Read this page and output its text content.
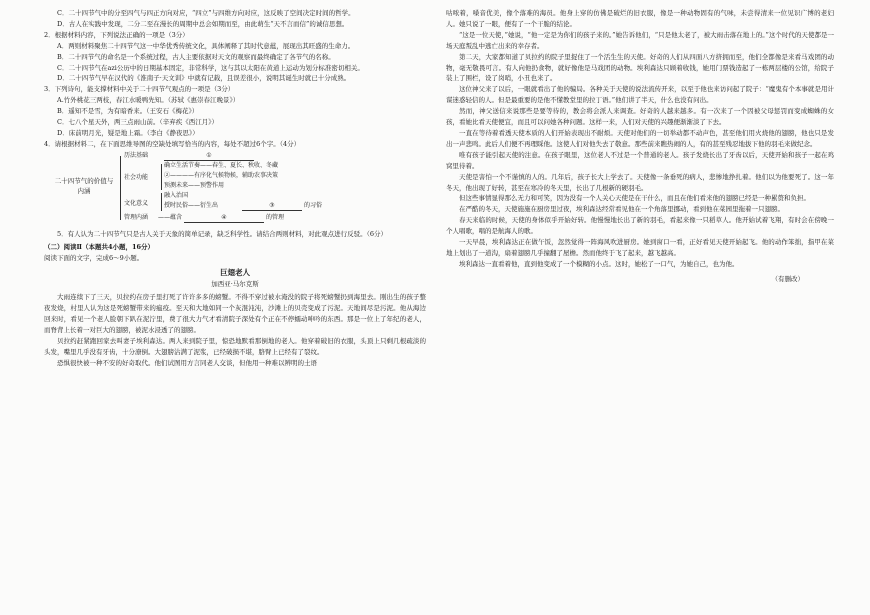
C．二十四节气中的分至四气与四正方向对应，“四立”与四维方向对应，这反映了空间决定时间的哲学。

D．古人在实践中发现，二分二至在漫长的周期中总会如期而至，由此萌生“天不言而信”的诚信思想。

2．根据材料内容，下列说法正确的一项是（3分）

A．两则材料聚焦二十四节气这一中华优秀传统文化，具体阐释了其时代意蕴，展现出其旺盛的生命力。

B．二十四节气的命名是一个系统过程，古人主要依据对天文的观察而最终确定了各节气的名称。

C．二十四节气在azi公历中的日期基本固定，非常科学，这与其以太阳在黄道上运动为划分标准密切相关。

D．二十四节气早在汉代的《淮南子·天文训》中就有记载，且误差很小，说明其诞生时就已十分成熟。

3．下列诗句，能支撑材料中关于二十四节气观点的一项是（3分）

A.竹外桃花三两枝，春江水暖鸭先知。（苏轼《惠崇春江晚景》）

B．遥知不是雪，为有暗香来。（王安石《梅花》）

C．七八个星天外，两三点雨山前。（辛弃疾《西江月》）

D．床前明月光，疑是地上霜。（李白《静夜思》）

4．请根据材料二，在下面思维导图的空缺处填写恰当的内容，每处不超过6个字。（4分）

二十四节气的价值与内涵
历法基础	①
社会功能
确立生活节奏——春生、夏长、秋收、冬藏
②————有序化气候物候，辅助农事决策
预测未来——预警作用
文化意义
融入治国
授时民俗——衍生出	③	的习俗
管理内涵 ——蕴含	④	的管理

5．有人认为二十四节气只是古人关于天象的简单记录，缺乏科学性。请结合两则材料，对此观点进行反驳。（6分）

（二）阅读Ⅱ（本题共4小题，16分）

阅读下面的文字，完成6～9小题。

巨翅老人

加西亚·马尔克斯

大雨连续下了三天，贝拉约在房子里打死了许许多多的螃蟹。不得不穿过被水淹没的院子将死螃蟹扔到海里去。刚出生的孩子整夜发烧，村里人认为这是死螃蟹带来的瘟疫。至天和大地如同一个灰混沌沌，沙滩上的贝壳变成了污泥。天地间尽是污泥。他从海边回来时，看见一个老人脸朝下趴在泥泞里，费了很大力气才看清院子深处有个正在不停蠕动呻吟的东西。那是一位上了年纪的老人，而脊背上长着一对巨大的翅膀，被泥水浸透了的翅膀。

贝拉约赶紧跑回家去叫妻子埃利森达。两人来到院子里，惊恐地默看那倒地的老人。他穿着破旧的衣服，头顶上只剩几根疏淡的头发，嘴里几乎没有牙齿，十分潦倒。大翅膀沾满了泥浆，已经破损不堪，胳臂上已经有了裂纹。

恐惧很快被一种不安的好奇取代。他们试图用方言同老人交谈，但他用一种难以辨明的土语

咕哝着，嗓音优美，像个落难的海员。他身上穿的仿佛是破烂的旧衣服，像是一种动物固有的气味，未尝得清来一位见识广博的老妇人。她只说了一眼，便有了一个干脆的结论。

“这是一位天使，”她说，“他一定是为你们的孩子来的。”她告诉他们，“只是他太老了，被大雨击落在地上的。”这个时代的天使都是一场天庭叛乱中逃亡出来的幸存者。

第二天，大家都知道了贝拉约的院子里捉住了一个活生生的天使。好奇的人们从四面八方挤拥而至，他们全都像是来看马戏团的动物，毫无敬畏可言。有人向他扔食物，就好像他是马戏团的动物。埃利森达只顾着收钱，她用门票钱造起了一栋两层楼的公馆，给院子装上了围栏，设了岗哨，小丑也来了。

这位神父来了以后，一眼就看出了他的骗局。各种关于天使的说法流传开来，以至于他也来访问起了院子：“魔鬼有个本事就是用计谋迷惑轻信的人。但是最重要的是他不懂教堂里的拉丁语。”他们讲了半天，什么也没有问出。

然而，神父送信来说那些是要等待的，教会将会派人来调查。好奇的人越来越多。有一次来了一个因被父母惩罚而变成蜘蛛的女孩，看她比看天使便宜，而且可以问她各种问题。这样一来，人们对天使的兴趣便渐渐淡了下去。

一直在等待着看透天使本质的人们开始表现出不耐烦。天使对他们的一切举动都不动声色，甚至他们用火烧他的翅膀，他也只是发出一声悲鸣。此后人们便不再理睬他。这使人们对他失去了敬意。那些前来瞧热闹的人，有的甚至残忍地拔下他的羽毛来做纪念。

唯有孩子能引起天使的注意。在孩子眼里，这位老人不过是一个普通的老人。孩子发烧长出了牙齿以后，天使开始和孩子一起在鸡窝里待着。

天使是害怕一个不谨慎的人的。几年后，孩子长大上学去了。天使像一条垂死的病人，悲惨地挣扎着。他们以为他要死了。这一年冬天，他出现了好转，甚至在寒冷的冬天里，长出了几根新的硬羽毛。

但这些事情显得那么无力和可笑，因为没有一个人关心天使是在干什么，而且在他们看来他的翅膀已经是一种累赘和负担。

在严酷的冬天，天使施施在厨房里过夜，埃利森达经常看见他在一个角落里挪动，看到他在菜园里拖着一只翅膀。

春天来临的时候，天使的身体似乎开始好转。他慢慢地长出了新的羽毛，看起来像一只稻草人。他开始试着飞翔，有时会在傍晚一个人唱歌，唱的是航海人的歌。

一天早晨，埃利森达正在做午饭，忽然觉得一阵海风吹进厨房。她到窗口一看，正好看见天使开始起飞。他的动作笨拙，指甲在菜地上划出了一道沟，扇着翅膀几乎撞翻了屋檐。然而他终于飞了起来，越飞越高。

埃利森达一直看着他，直到他变成了一个模糊的小点。这时，她松了一口气，为她自己，也为他。

（有删改）
